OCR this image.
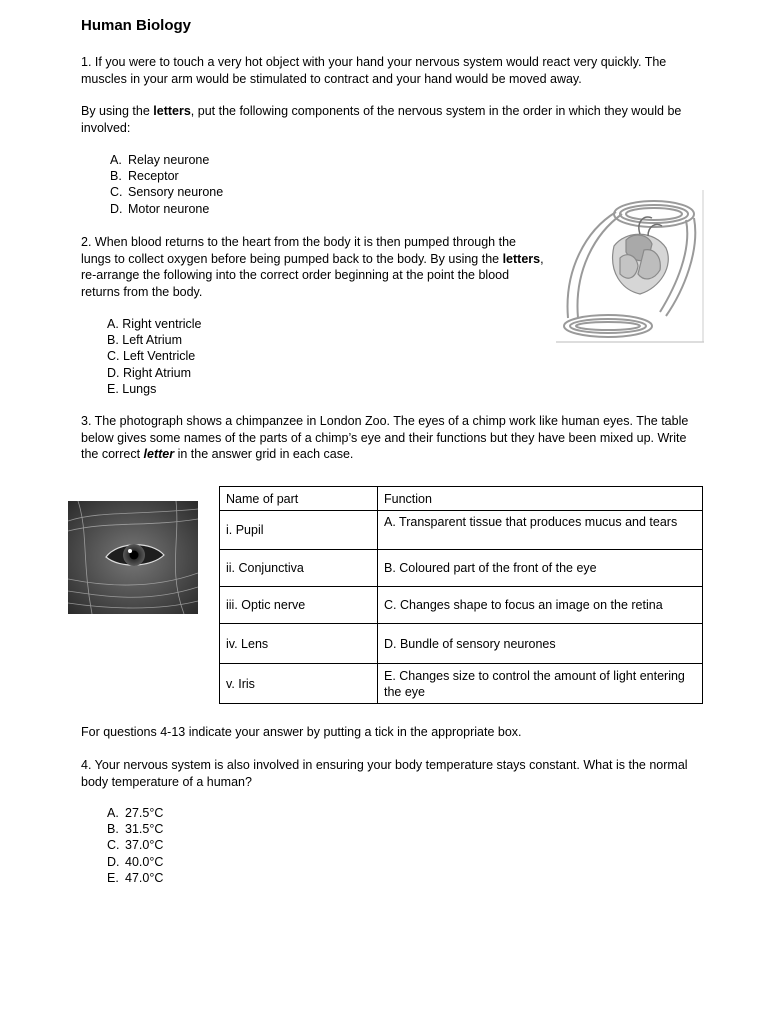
Human Biology

1. If you were to touch a very hot object with your hand your nervous system would react very quickly. The muscles in your arm would be stimulated to contract and your hand would be moved away.

By using the letters, put the following components of the nervous system in the order in which they would be involved:

A. Relay neurone
B. Receptor
C. Sensory neurone
D. Motor neurone

2. When blood returns to the heart from the body it is then pumped through the lungs to collect oxygen before being pumped back to the body. By using the letters, re-arrange the following into the correct order beginning at the point the blood returns from the body.

A. Right ventricle
B. Left Atrium
C. Left Ventricle
D. Right Atrium
E. Lungs

3. The photograph shows a chimpanzee in London Zoo. The eyes of a chimp work like human eyes. The table below gives some names of the parts of a chimp’s eye and their functions but they have been mixed up. Write the correct letter in the answer grid in each case.

Name of part	Function
i. Pupil	A. Transparent tissue that produces mucus and tears
ii. Conjunctiva	B. Coloured part of the front of the eye
iii. Optic nerve	C. Changes shape to focus an image on the retina
iv. Lens	D. Bundle of sensory neurones
v. Iris	E. Changes size to control the amount of light entering the eye

For questions 4-13 indicate your answer by putting a tick in the appropriate box.

4. Your nervous system is also involved in ensuring your body temperature stays constant. What is the normal body temperature of a human?

A. 27.5°C
B. 31.5°C
C. 37.0°C
D. 40.0°C
E. 47.0°C
